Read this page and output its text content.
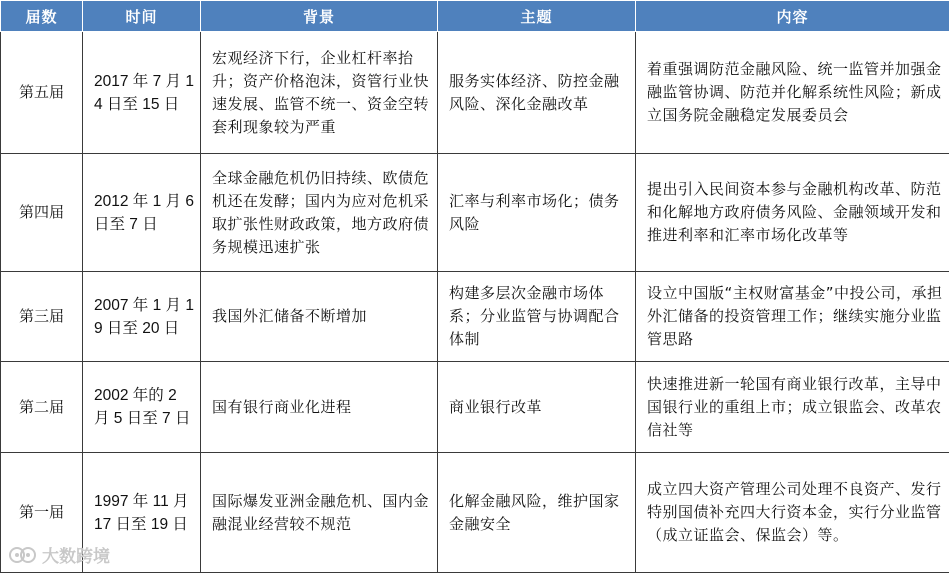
届数	时间	背景	主题	内容
第五届	2017 年 7 月 14 日至 15 日	宏观经济下行，企业杠杆率抬升；资产价格泡沫，资管行业快速发展、监管不统一、资金空转套利现象较为严重	服务实体经济、防控金融风险、深化金融改革	着重强调防范金融风险、统一监管并加强金融监管协调、防范并化解系统性风险；新成立国务院金融稳定发展委员会
第四届	2012 年 1 月 6 日至 7 日	全球金融危机仍旧持续、欧债危机还在发酵；国内为应对危机采取扩张性财政政策，地方政府债务规模迅速扩张	汇率与利率市场化；债务风险	提出引入民间资本参与金融机构改革、防范和化解地方政府债务风险、金融领域开发和推进利率和汇率市场化改革等
第三届	2007 年 1 月 19 日至 20 日	我国外汇储备不断增加	构建多层次金融市场体系；分业监管与协调配合体制	设立中国版“主权财富基金”中投公司，承担外汇储备的投资管理工作；继续实施分业监管思路
第二届	2002 年的 2 月 5 日至 7 日	国有银行商业化进程	商业银行改革	快速推进新一轮国有商业银行改革，主导中国银行业的重组上市；成立银监会、改革农信社等
第一届	1997 年 11 月 17 日至 19 日	国际爆发亚洲金融危机、国内金融混业经营较不规范	化解金融风险，维护国家金融安全	成立四大资产管理公司处理不良资产、发行特别国债补充四大行资本金，实行分业监管（成立证监会、保监会）等。
大数跨境
